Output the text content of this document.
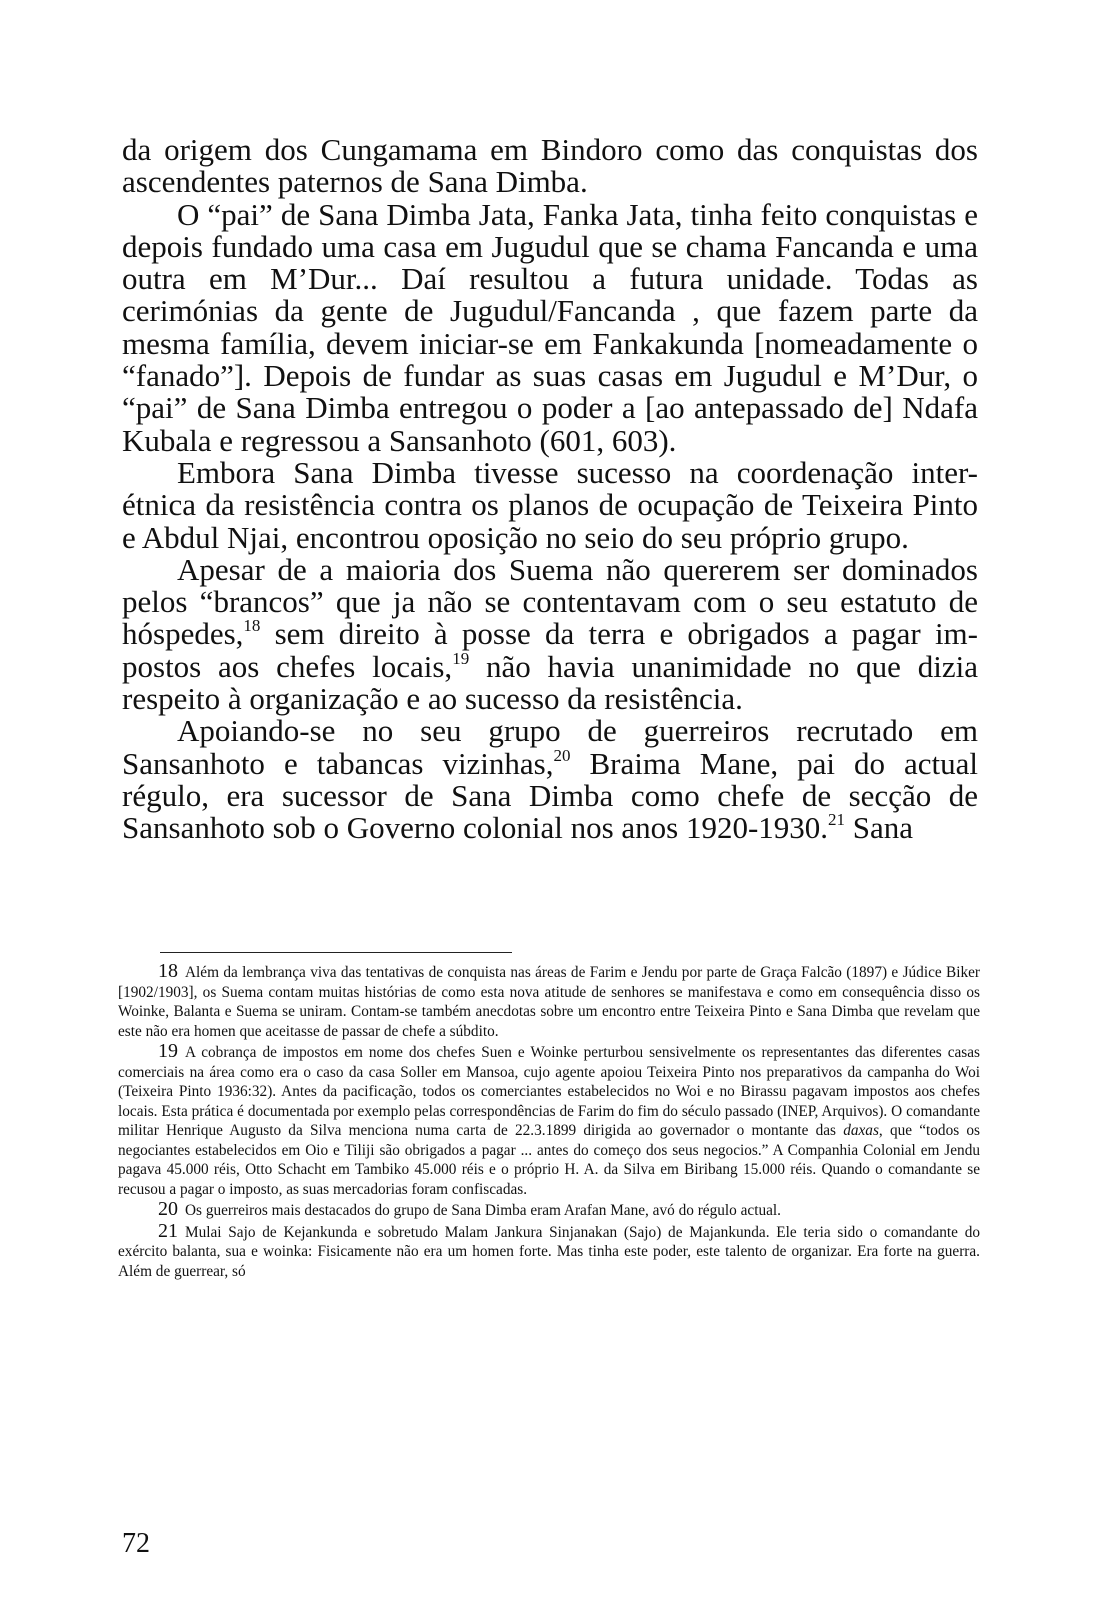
da origem dos Cungamama em Bindoro como das conquistas dos ascendentes paternos de Sana Dimba.

O “pai” de Sana Dimba Jata, Fanka Jata, tinha feito conquistas e depois fundado uma casa em Jugudul que se chama Fancanda e uma outra em M’Dur... Daí resultou a futura unidade. Todas as cerimónias da gente de Jugudul/Fancanda , que fazem parte da mesma família, devem iniciar-se em Fankakunda [nomeadamente o “fanado”]. Depois de fundar as suas casas em Jugudul e M’Dur, o “pai” de Sana Dimba entregou o poder a [ao antepassado de] Ndafa Kubala e regressou a Sansanhoto (601, 603).

Embora Sana Dimba tivesse sucesso na coordenação inter-étnica da resistência contra os planos de ocupação de Teixeira Pinto e Abdul Njai, encontrou oposição no seio do seu próprio grupo.

Apesar de a maioria dos Suema não quererem ser dominados pelos “brancos” que ja não se contentavam com o seu estatuto de hóspedes,$^{18}$ sem direito à posse da terra e obrigados a pagar im-postos aos chefes locais,$^{19}$ não havia unanimidade no que dizia respeito à organização e ao sucesso da resistência.

Apoiando-se no seu grupo de guerreiros recrutado em Sansanhoto e tabancas vizinhas,$^{20}$ Braima Mane, pai do actual régulo, era sucessor de Sana Dimba como chefe de secção de Sansanhoto sob o Governo colonial nos anos 1920-1930.21 Sana

18 Além da lembrança viva das tentativas de conquista nas áreas de Farim e Jendu por parte de Graça Falcão (1897) e Júdice Biker [1902/1903], os Suema contam muitas histórias de como esta nova atitude de senhores se manifestava e como em consequência disso os Woinke, Balanta e Suema se uniram. Contam-se também anecdotas sobre um encontro entre Teixeira Pinto e Sana Dimba que revelam que este não era homen que aceitasse de passar de chefe a súbdito.

19 A cobrança de impostos em nome dos chefes Suen e Woinke perturbou sensivelmente os representantes das diferentes casas comerciais na área como era o caso da casa Soller em Mansoa, cujo agente apoiou Teixeira Pinto nos preparativos da campanha do Woi (Teixeira Pinto 1936:32). Antes da pacificação, todos os comerciantes estabelecidos no Woi e no Birassu pagavam impostos aos chefes locais. Esta prática é documentada por exemplo pelas correspondências de Farim do fim do século passado (INEP, Arquivos). O comandante militar Henrique Augusto da Silva menciona numa carta de 22.3.1899 dirigida ao governador o montante das daxas, que “todos os negociantes estabelecidos em Oio e Tiliji são obrigados a pagar ... antes do começo dos seus negocios.” A Companhia Colonial em Jendu pagava 45.000 réis, Otto Schacht em Tambiko 45.000 réis e o próprio H. A. da Silva em Biribang 15.000 réis. Quando o comandante se recusou a pagar o imposto, as suas mercadorias foram confiscadas.

20 Os guerreiros mais destacados do grupo de Sana Dimba eram Arafan Mane, avó do régulo actual.

21 Mulai Sajo de Kejankunda e sobretudo Malam Jankura Sinjanakan (Sajo) de Majankunda. Ele teria sido o comandante do exército balanta, sua e woinka: Fisicamente não era um homen forte. Mas tinha este poder, este talento de organizar. Era forte na guerra. Além de guerrear, só

72
